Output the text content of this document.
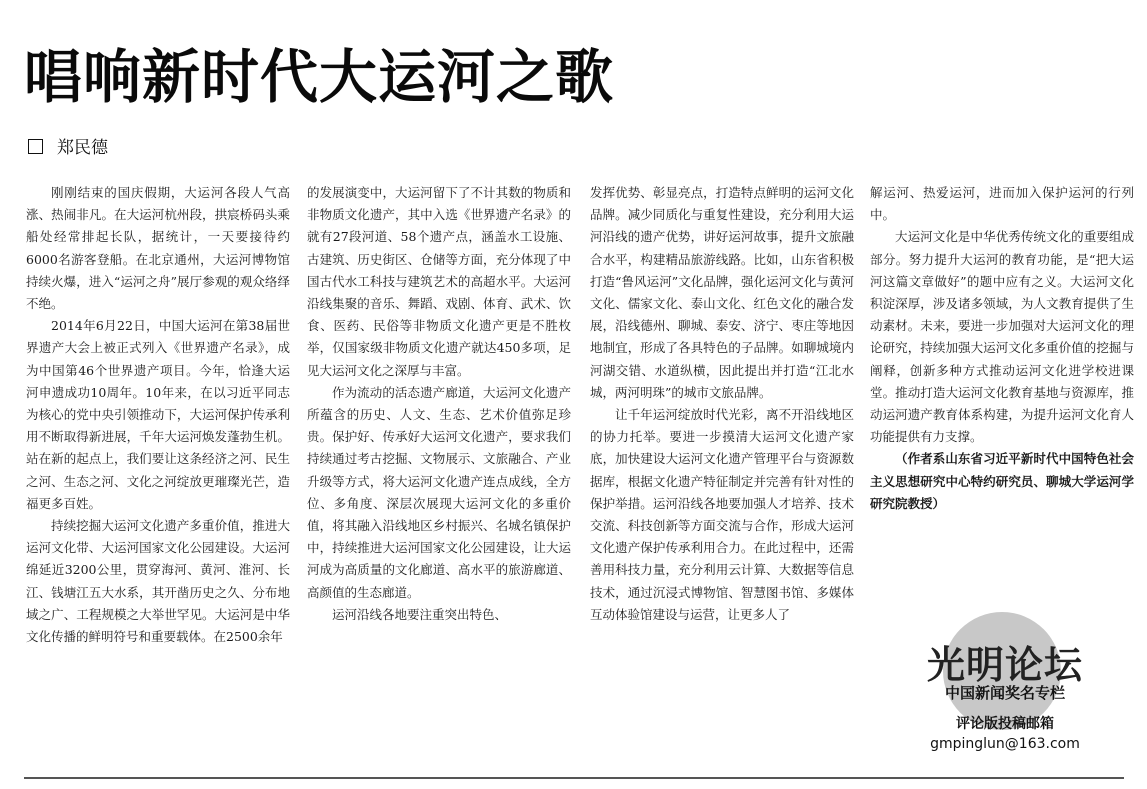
唱响新时代大运河之歌
郑民德

刚刚结束的国庆假期，大运河各段人气高涨、热闹非凡。在大运河杭州段，拱宸桥码头乘船处经常排起长队，据统计，一天要接待约6000名游客登船。在北京通州，大运河博物馆持续火爆，进入“运河之舟”展厅参观的观众络绎不绝。

2014年6月22日，中国大运河在第38届世界遗产大会上被正式列入《世界遗产名录》，成为中国第46个世界遗产项目。今年，恰逢大运河申遗成功10周年。10年来，在以习近平同志为核心的党中央引领推动下，大运河保护传承利用不断取得新进展，千年大运河焕发蓬勃生机。站在新的起点上，我们要让这条经济之河、民生之河、生态之河、文化之河绽放更璀璨光芒，造福更多百姓。

持续挖掘大运河文化遗产多重价值，推进大运河文化带、大运河国家文化公园建设。大运河绵延近3200公里，贯穿海河、黄河、淮河、长江、钱塘江五大水系，其开凿历史之久、分布地域之广、工程规模之大举世罕见。大运河是中华文化传播的鲜明符号和重要载体。在2500余年

的发展演变中，大运河留下了不计其数的物质和非物质文化遗产，其中入选《世界遗产名录》的就有27段河道、58个遗产点，涵盖水工设施、古建筑、历史街区、仓储等方面，充分体现了中国古代水工科技与建筑艺术的高超水平。大运河沿线集聚的音乐、舞蹈、戏剧、体育、武术、饮食、医药、民俗等非物质文化遗产更是不胜枚举，仅国家级非物质文化遗产就达450多项，足见大运河文化之深厚与丰富。

作为流动的活态遗产廊道，大运河文化遗产所蕴含的历史、人文、生态、艺术价值弥足珍贵。保护好、传承好大运河文化遗产，要求我们持续通过考古挖掘、文物展示、文旅融合、产业升级等方式，将大运河文化遗产连点成线，全方位、多角度、深层次展现大运河文化的多重价值，将其融入沿线地区乡村振兴、名城名镇保护中，持续推进大运河国家文化公园建设，让大运河成为高质量的文化廊道、高水平的旅游廊道、高颜值的生态廊道。

运河沿线各地要注重突出特色、

发挥优势、彰显亮点，打造特点鲜明的运河文化品牌。减少同质化与重复性建设，充分利用大运河沿线的遗产优势，讲好运河故事，提升文旅融合水平，构建精品旅游线路。比如，山东省积极打造“鲁风运河”文化品牌，强化运河文化与黄河文化、儒家文化、泰山文化、红色文化的融合发展，沿线德州、聊城、泰安、济宁、枣庄等地因地制宜，形成了各具特色的子品牌。如聊城境内河湖交错、水道纵横，因此提出并打造“江北水城，两河明珠”的城市文旅品牌。

让千年运河绽放时代光彩，离不开沿线地区的协力托举。要进一步摸清大运河文化遗产家底，加快建设大运河文化遗产管理平台与资源数据库，根据文化遗产特征制定并完善有针对性的保护举措。运河沿线各地要加强人才培养、技术交流、科技创新等方面交流与合作，形成大运河文化遗产保护传承利用合力。在此过程中，还需善用科技力量，充分利用云计算、大数据等信息技术，通过沉浸式博物馆、智慧图书馆、多媒体互动体验馆建设与运营，让更多人了

解运河、热爱运河，进而加入保护运河的行列中。

大运河文化是中华优秀传统文化的重要组成部分。努力提升大运河的教育功能，是“把大运河这篇文章做好”的题中应有之义。大运河文化积淀深厚，涉及诸多领域，为人文教育提供了生动素材。未来，要进一步加强对大运河文化的理论研究，持续加强大运河文化多重价值的挖掘与阐释，创新多种方式推动运河文化进学校进课堂。推动打造大运河文化教育基地与资源库，推动运河遗产教育体系构建，为提升运河文化育人功能提供有力支撑。

（作者系山东省习近平新时代中国特色社会主义思想研究中心特约研究员、聊城大学运河学研究院教授）

光明论坛
中国新闻奖名专栏
评论版投稿邮箱
gmpinglun@163.com
